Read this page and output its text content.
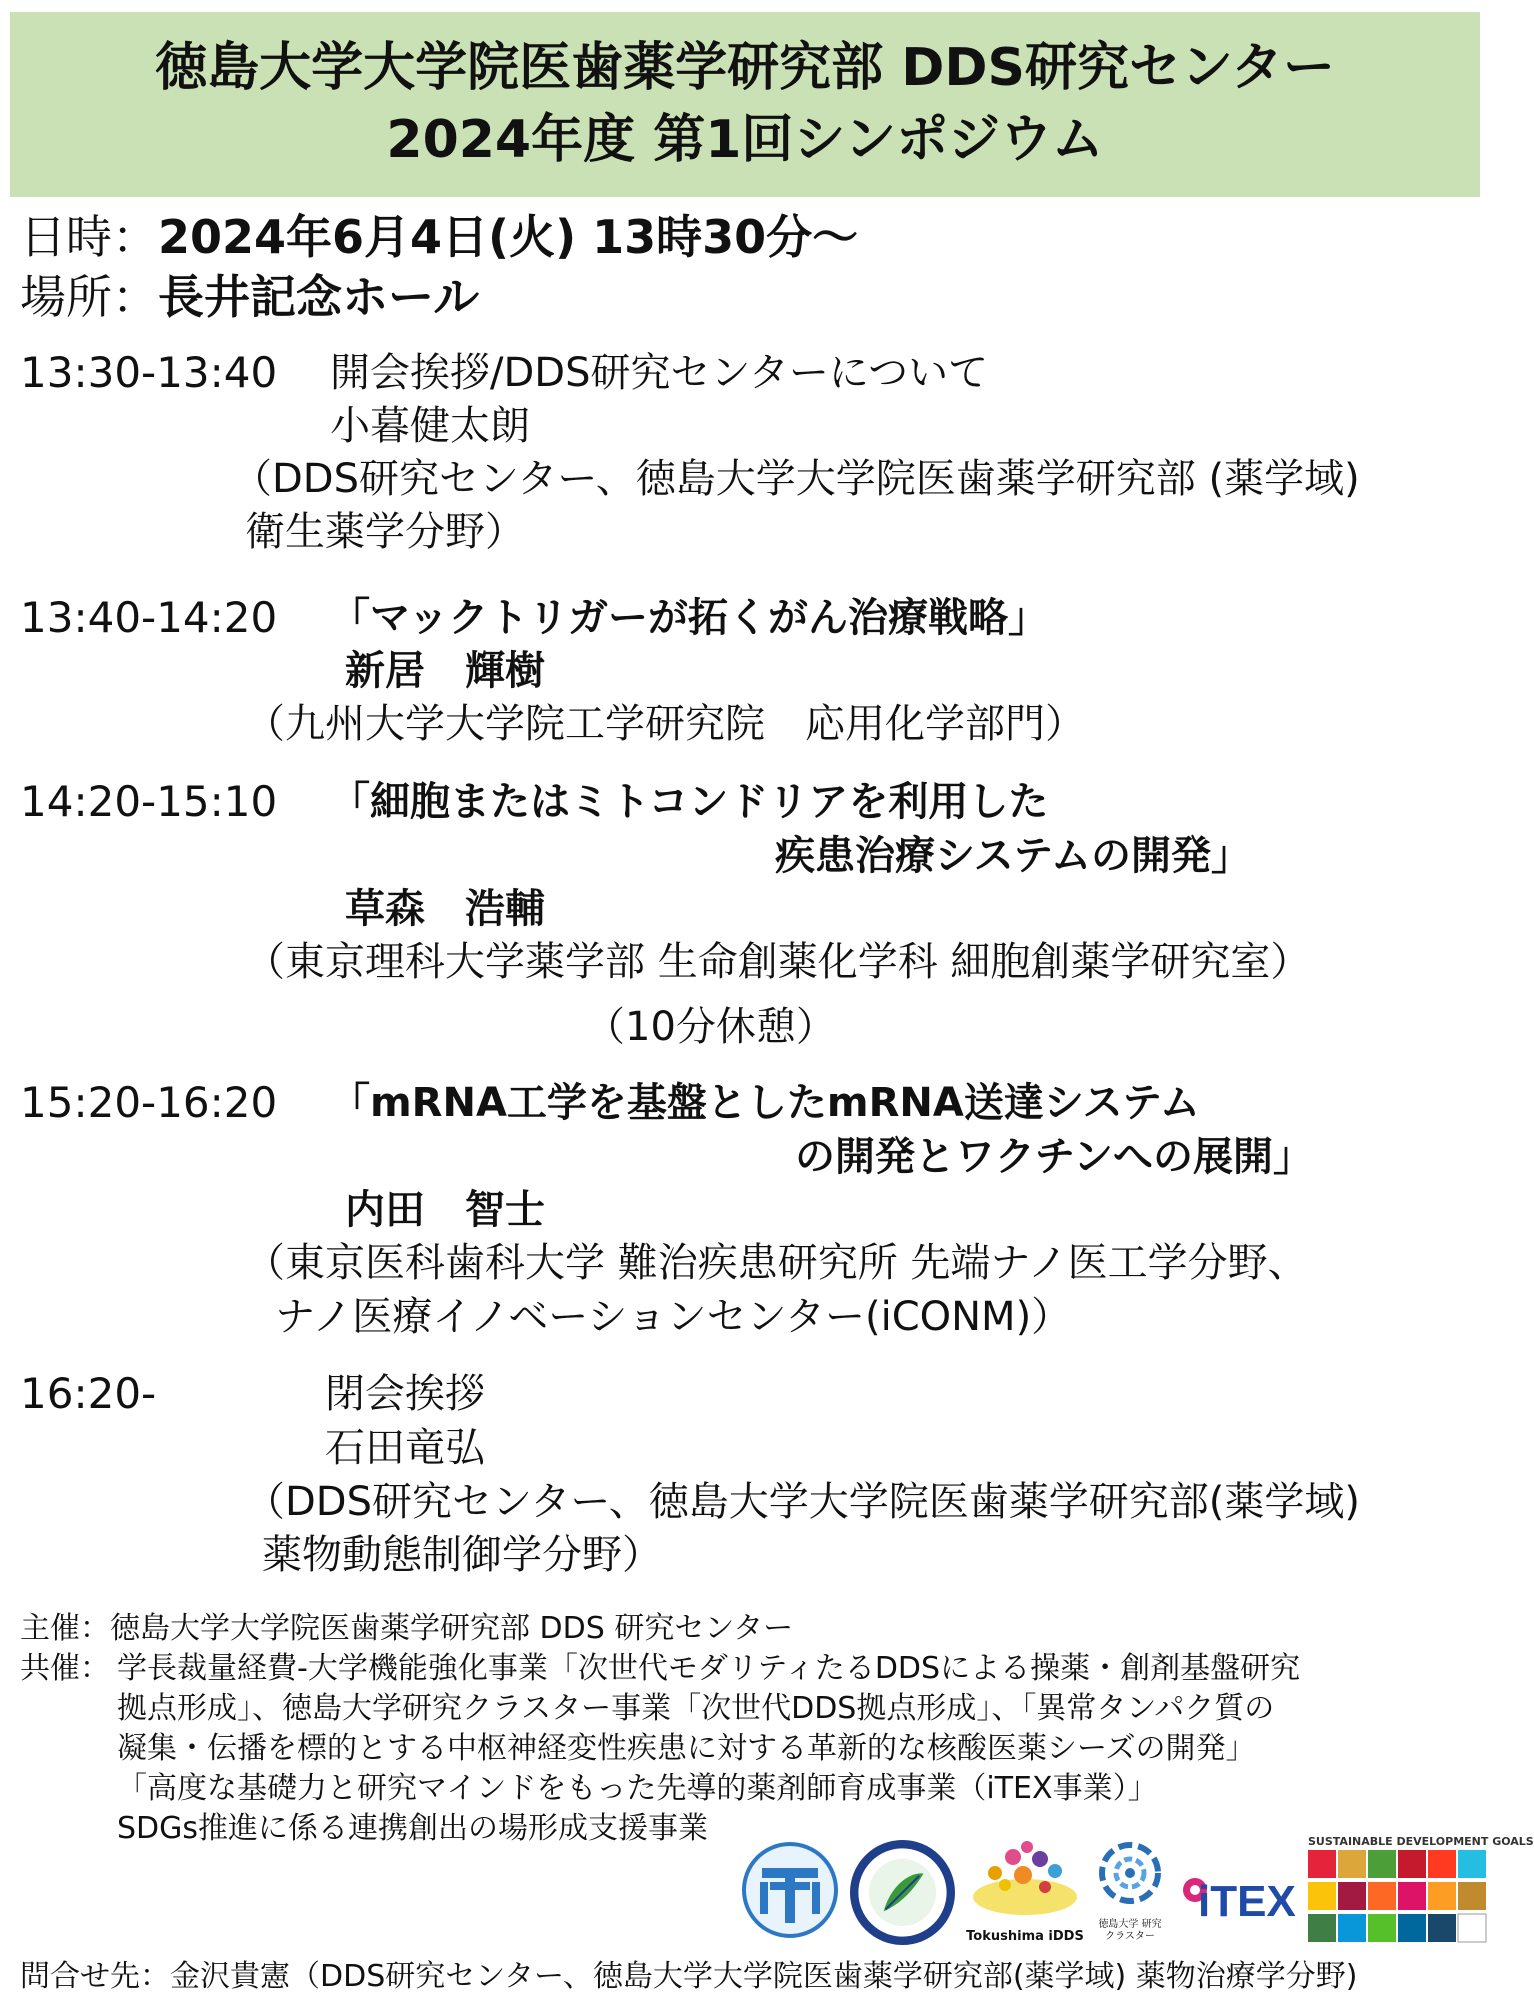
徳島大学大学院医歯薬学研究部 DDS研究センター
2024年度 第1回シンポジウム
日時：2024年6月4日(火) 13時30分～
場所：長井記念ホール
13:30-13:40 開会挨拶/DDS研究センターについて
小暮健太朗
（DDS研究センター、徳島大学大学院医歯薬学研究部 (薬学域)
衛生薬学分野）
13:40-14:20 「マックトリガーが拓くがん治療戦略」
新居　輝樹
（九州大学大学院工学研究院　応用化学部門）
14:20-15:10 「細胞またはミトコンドリアを利用した
疾患治療システムの開発」
草森　浩輔
（東京理科大学薬学部 生命創薬化学科 細胞創薬学研究室）
（10分休憩）
15:20-16:20 「mRNA工学を基盤としたmRNA送達システム
の開発とワクチンへの展開」
内田　智士
（東京医科歯科大学 難治疾患研究所 先端ナノ医工学分野、
ナノ医療イノベーションセンター(iCONM)）
16:20-	閉会挨拶
石田竜弘
（DDS研究センター、徳島大学大学院医歯薬学研究部(薬学域)
薬物動態制御学分野）
主催：徳島大学大学院医歯薬学研究部 DDS 研究センター
共催： 学長裁量経費-大学機能強化事業「次世代モダリティたるDDSによる操薬・創剤基盤研究
拠点形成」、徳島大学研究クラスター事業「次世代DDS拠点形成」、「異常タンパク質の
凝集・伝播を標的とする中枢神経変性疾患に対する革新的な核酸医薬シーズの開発」
「高度な基礎力と研究マインドをもった先導的薬剤師育成事業（iTEX事業）」
SDGs推進に係る連携創出の場形成支援事業
Tokushima iDDS
徳島大学 研究クラスター
iTEX
SUSTAINABLE DEVELOPMENT GOALS
問合せ先：金沢貴憲（DDS研究センター、徳島大学大学院医歯薬学研究部(薬学域) 薬物治療学分野)
